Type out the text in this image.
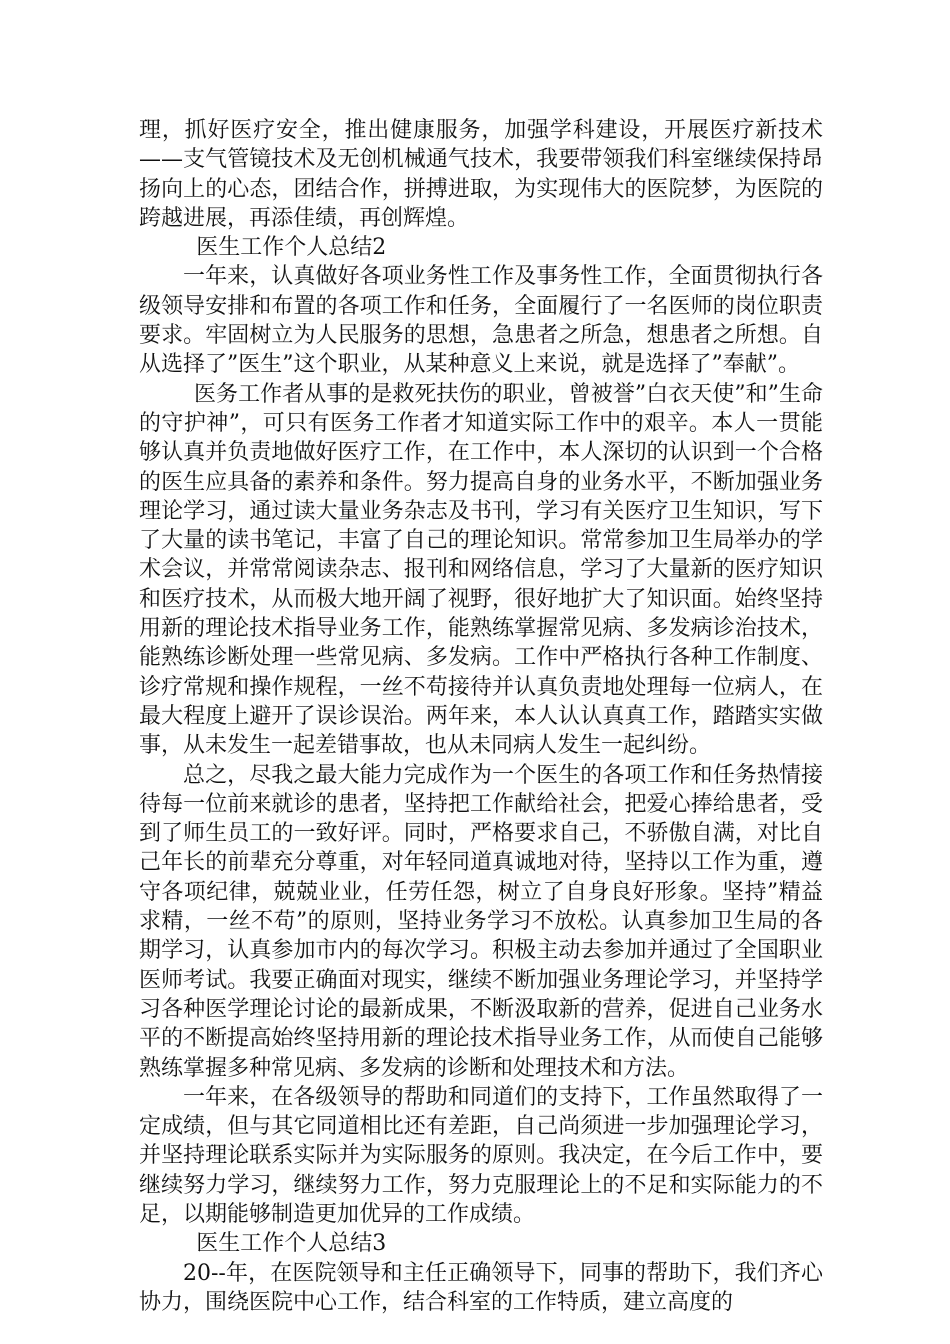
理，抓好医疗安全，推出健康服务，加强学科建设，开展医疗新技术——支气管镜技术及无创机械通气技术，我要带领我们科室继续保持昂扬向上的心态，团结合作，拼搏进取，为实现伟大的医院梦，为医院的跨越进展，再添佳绩，再创辉煌。

医生工作个人总结2

一年来，认真做好各项业务性工作及事务性工作，全面贯彻执行各级领导安排和布置的各项工作和任务，全面履行了一名医师的岗位职责要求。牢固树立为人民服务的思想，急患者之所急，想患者之所想。自从选择了”医生”这个职业，从某种意义上来说，就是选择了”奉献”。

医务工作者从事的是救死扶伤的职业，曾被誉”白衣天使”和”生命的守护神”，可只有医务工作者才知道实际工作中的艰辛。本人一贯能够认真并负责地做好医疗工作，在工作中，本人深切的认识到一个合格的医生应具备的素养和条件。努力提高自身的业务水平，不断加强业务理论学习，通过读大量业务杂志及书刊，学习有关医疗卫生知识，写下了大量的读书笔记，丰富了自己的理论知识。常常参加卫生局举办的学术会议，并常常阅读杂志、报刊和网络信息，学习了大量新的医疗知识和医疗技术，从而极大地开阔了视野，很好地扩大了知识面。始终坚持用新的理论技术指导业务工作，能熟练掌握常见病、多发病诊治技术，能熟练诊断处理一些常见病、多发病。工作中严格执行各种工作制度、诊疗常规和操作规程，一丝不苟接待并认真负责地处理每一位病人，在最大程度上避开了误诊误治。两年来，本人认认真真工作，踏踏实实做事，从未发生一起差错事故，也从未同病人发生一起纠纷。

总之，尽我之最大能力完成作为一个医生的各项工作和任务热情接待每一位前来就诊的患者，坚持把工作献给社会，把爱心捧给患者，受到了师生员工的一致好评。同时，严格要求自己，不骄傲自满，对比自己年长的前辈充分尊重，对年轻同道真诚地对待，坚持以工作为重，遵守各项纪律，兢兢业业，任劳任怨，树立了自身良好形象。坚持”精益求精，一丝不苟”的原则，坚持业务学习不放松。认真参加卫生局的各期学习，认真参加市内的每次学习。积极主动去参加并通过了全国职业医师考试。我要正确面对现实，继续不断加强业务理论学习，并坚持学习各种医学理论讨论的最新成果，不断汲取新的营养，促进自己业务水平的不断提高始终坚持用新的理论技术指导业务工作，从而使自己能够熟练掌握多种常见病、多发病的诊断和处理技术和方法。

一年来，在各级领导的帮助和同道们的支持下，工作虽然取得了一定成绩，但与其它同道相比还有差距，自己尚须进一步加强理论学习，并坚持理论联系实际并为实际服务的原则。我决定，在今后工作中，要继续努力学习，继续努力工作，努力克服理论上的不足和实际能力的不足，以期能够制造更加优异的工作成绩。

医生工作个人总结3

20--年，在医院领导和主任正确领导下，同事的帮助下，我们齐心协力，围绕医院中心工作，结合科室的工作特质，建立高度的
